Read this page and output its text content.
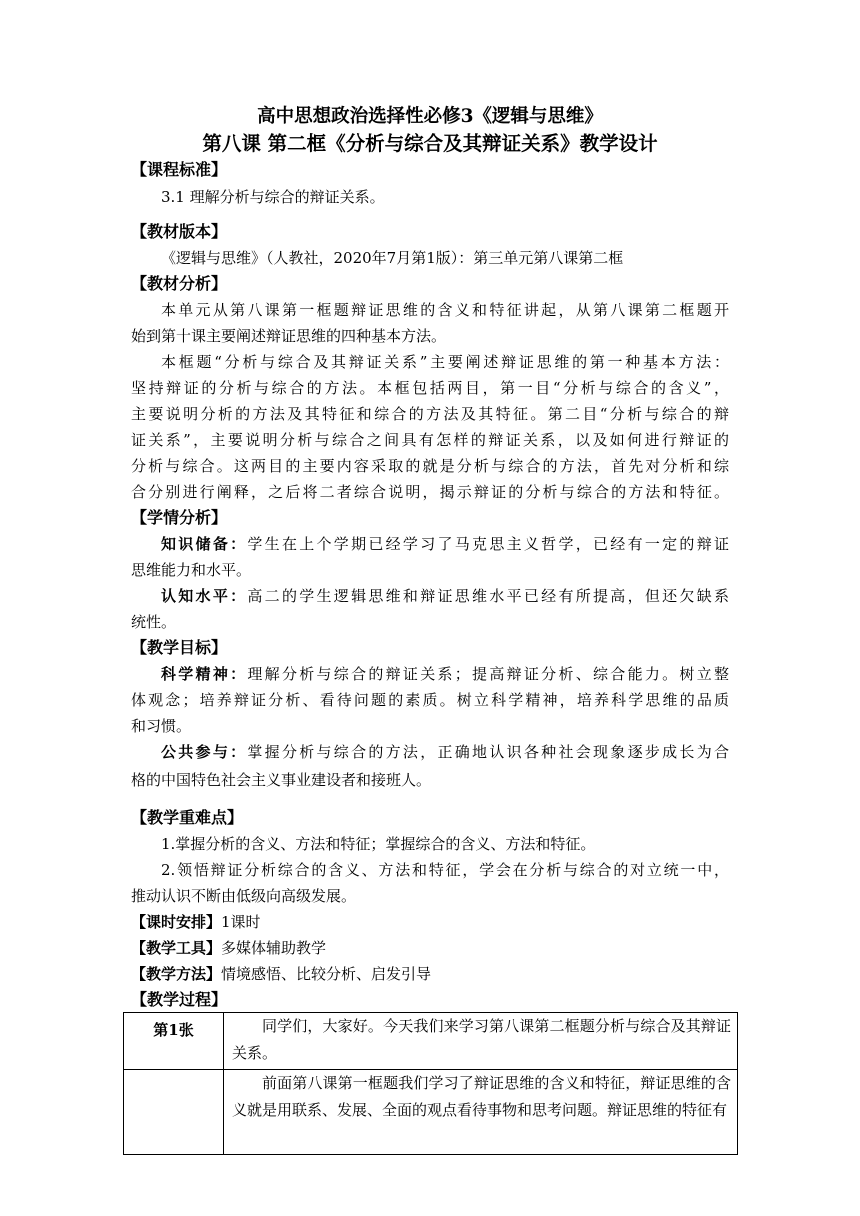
高中思想政治选择性必修3《逻辑与思维》
第八课 第二框《分析与综合及其辩证关系》教学设计
【课程标准】
3.1 理解分析与综合的辩证关系。
【教材版本】
《逻辑与思维》（人教社，2020年7月第1版）：第三单元第八课第二框
【教材分析】
本单元从第八课第一框题辩证思维的含义和特征讲起，从第八课第二框题开
始到第十课主要阐述辩证思维的四种基本方法。
本框题“分析与综合及其辩证关系”主要阐述辩证思维的第一种基本方法：
坚持辩证的分析与综合的方法。本框包括两目，第一目“分析与综合的含义”，
主要说明分析的方法及其特征和综合的方法及其特征。第二目“分析与综合的辩
证关系”，主要说明分析与综合之间具有怎样的辩证关系，以及如何进行辩证的
分析与综合。这两目的主要内容采取的就是分析与综合的方法，首先对分析和综
合分别进行阐释，之后将二者综合说明，揭示辩证的分析与综合的方法和特征。
【学情分析】
知识储备：学生在上个学期已经学习了马克思主义哲学，已经有一定的辩证
思维能力和水平。
认知水平：高二的学生逻辑思维和辩证思维水平已经有所提高，但还欠缺系
统性。
【教学目标】
科学精神：理解分析与综合的辩证关系；提高辩证分析、综合能力。树立整
体观念；培养辩证分析、看待问题的素质。树立科学精神，培养科学思维的品质
和习惯。
公共参与：掌握分析与综合的方法，正确地认识各种社会现象逐步成长为合
格的中国特色社会主义事业建设者和接班人。
【教学重难点】
1.掌握分析的含义、方法和特征；掌握综合的含义、方法和特征。
2.领悟辩证分析综合的含义、方法和特征，学会在分析与综合的对立统一中，
推动认识不断由低级向高级发展。
【课时安排】1课时
【教学工具】多媒体辅助教学
【教学方法】情境感悟、比较分析、启发引导
【教学过程】
第1张	同学们，大家好。今天我们来学习第八课第二框题分析与综合及其辩证关系。

	前面第八课第一框题我们学习了辩证思维的含义和特征，辩证思维的含义就是用联系、发展、全面的观点看待事物和思考问题。辩证思维的特征有
